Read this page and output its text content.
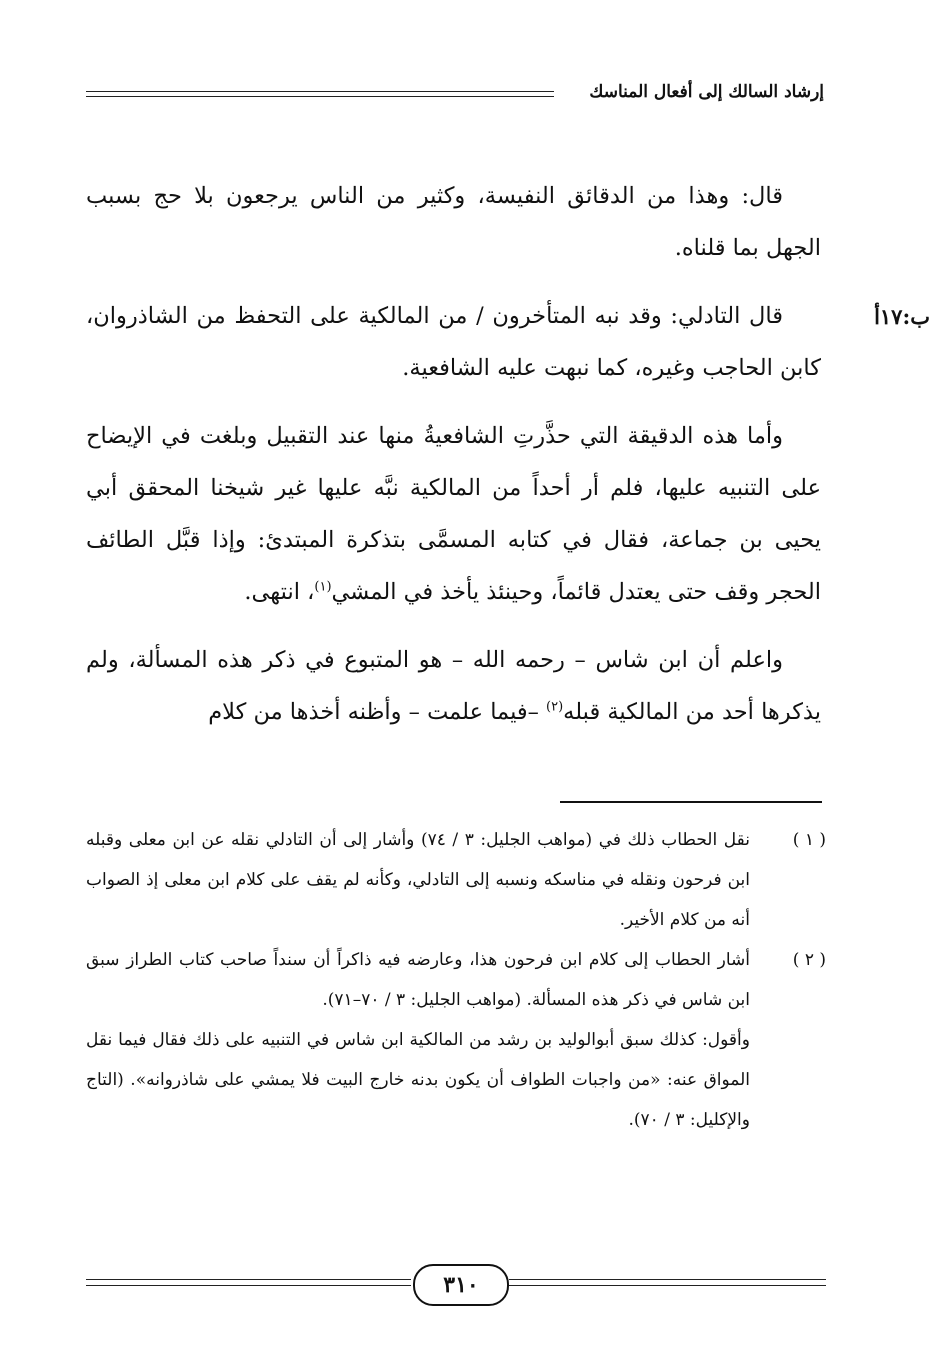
إرشاد السالك إلى أفعال المناسك
ب:١٧أ

قال: وهذا من الدقائق النفيسة، وكثير من الناس يرجعون بلا حج بسبب الجهل بما قلناه.

قال التادلي: وقد نبه المتأخرون / من المالكية على التحفظ من الشاذروان، كابن الحاجب وغيره، كما نبهت عليه الشافعية.

وأما هذه الدقيقة التي حذَّرتِ الشافعيةُ منها عند التقبيل وبلغت في الإيضاح على التنبيه عليها، فلم أر أحداً من المالكية نبَّه عليها غير شيخنا المحقق أبي يحيى بن جماعة، فقال في كتابه المسمَّى بتذكرة المبتدئ: وإذا قبَّل الطائف الحجر وقف حتى يعتدل قائماً، وحينئذ يأخذ في المشي$^{(١)}$، انتهى.

واعلم أن ابن شاس – رحمه الله – هو المتبوع في ذكر هذه المسألة، ولم يذكرها أحد من المالكية قبله$^{(٢)}$ –فيما علمت – وأظنه أخذها من كلام

( ١ )

نقل الحطاب ذلك في (مواهب الجليل: ٣ / ٧٤) وأشار إلى أن التادلي نقله عن ابن معلى وقبله ابن فرحون ونقله في مناسكه ونسبه إلى التادلي، وكأنه لم يقف على كلام ابن معلى إذ الصواب أنه من كلام الأخير.

( ٢ )

أشار الحطاب إلى كلام ابن فرحون هذا، وعارضه فيه ذاكراً أن سنداً صاحب كتاب الطراز سبق ابن شاس في ذكر هذه المسألة. (مواهب الجليل: ٣ / ٧٠–٧١).

وأقول: كذلك سبق أبوالوليد بن رشد من المالكية ابن شاس في التنبيه على ذلك فقال فيما نقل المواق عنه: «من واجبات الطواف أن يكون بدنه خارج البيت فلا يمشي على شاذروانه». (التاج والإكليل: ٣ / ٧٠).

٣١٠
